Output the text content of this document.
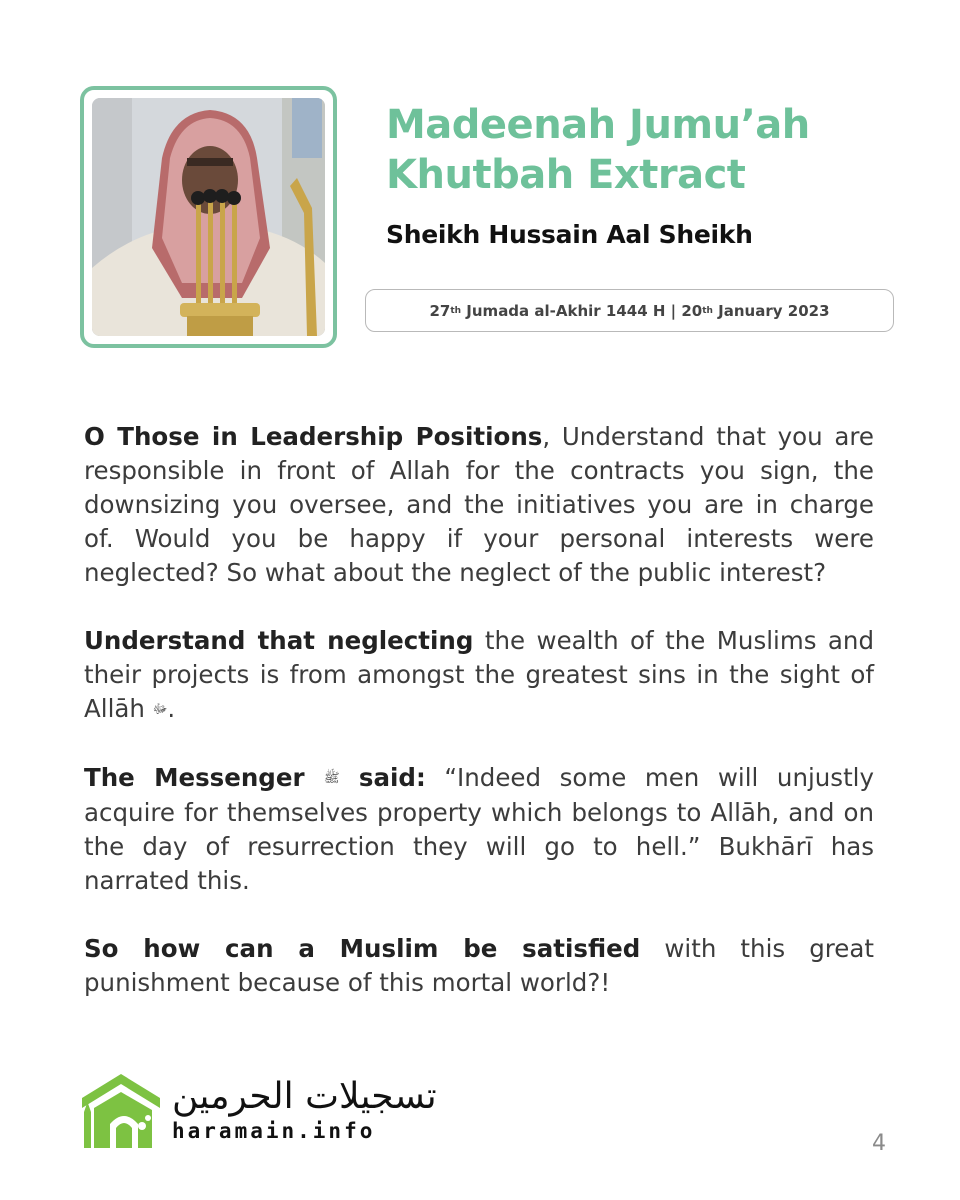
Madeenah Jumu’ah
Khutbah Extract
Sheikh Hussain Aal Sheikh
27 th Jumada al-Akhir 1444 H | 20 th January 2023

O Those in Leadership Positions, Understand that you are responsible in front of Allah for the contracts you sign, the downsizing you oversee, and the initiatives you are in charge of. Would you be happy if your personal interests were neglected? So what about the neglect of the public interest?

Understand that neglecting the wealth of the Muslims and their projects is from amongst the greatest sins in the sight of Allāh ﷻ.

The Messenger ﷺ said: “Indeed some men will unjustly acquire for themselves property which belongs to Allāh, and on the day of resurrection they will go to hell.” Bukhārī has narrated this.

So how can a Muslim be satisfied with this great punishment because of this mortal world?!

تسجيلات الحرمين
haramain.info	4
